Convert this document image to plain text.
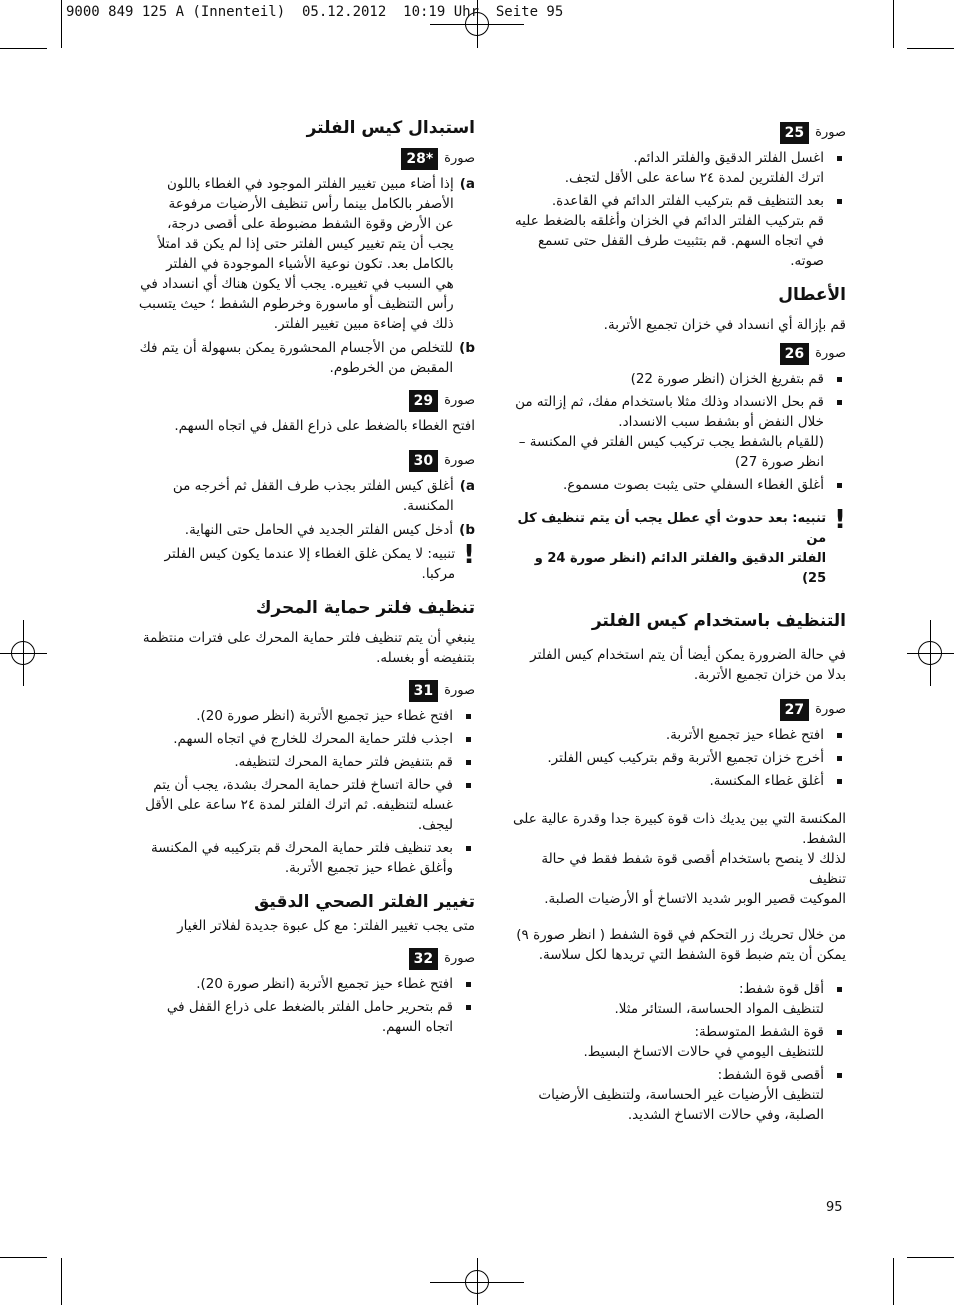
9000 849 125 A (Innenteil)  05.12.2012  10:19 Uhr  Seite 95
صورة
25
اغسل الفلتر الدقيق والفلتر الدائم.
اترك الفلترين لمدة ٢٤ ساعة على الأقل لتجف.
بعد التنظيف قم بتركيب الفلتر الدائم في القاعدة.
قم بتركيب الفلتر الدائم في الخزان وأغلقه بالضغط عليه
في اتجاه السهم. قم بتثبيت طرف القفل حتى تسمع
صوته.
الأعطال

قم بإزالة أي انسداد في خزان تجميع الأتربة.

صورة
26
قم بتفريغ الخزان (انظر صورة 22)
قم بحل الانسداد وذلك مثلا باستخدام مفك، ثم إزالته من
خلال النفض أو بشفط سبب الانسداد.
(للقيام بالشفط يجب تركيب كيس الفلتر في المكنسة –
انظر صورة 27)
أغلق الغطاء السفلي حتى يثبت بصوت مسموع.
!
تنبيه: بعد حدوث أي عطل يجب أن يتم تنظيف كل من
الفلتر الدقيق والفلتر الدائم (انظر صورة 24 و 25)
التنظيف باستخدام كيس الفلتر

في حالة الضرورة يمكن أيضا أن يتم استخدام كيس الفلتر
بدلا من خزان تجميع الأتربة.

صورة
27
افتح غطاء حيز تجميع الأتربة.
أخرج خزان تجميع الأتربة وقم بتركيب كيس الفلتر.
أغلق غطاء المكنسة.

المكنسة التي بين يديك ذات قوة كبيرة جدا وقدرة عالية على
الشفط.
لذلك لا ينصح باستخدام أقصى قوة شفط فقط في حالة تنظيف
الموكيت قصير الوبر شديد الاتساخ أو الأرضيات الصلبة.

من خلال تحريك زر التحكم في قوة الشفط ( انظر صورة ٩)
يمكن أن يتم ضبط قوة الشفط التي تريدها لكل سلاسة.

أقل قوة شفط:
لتنظيف المواد الحساسة، الستائر مثلا.
قوة الشفط المتوسطة:
للتنظيف اليومي في حالات الاتساخ البسيط.
أقصى قوة الشفط:
لتنظيف الأرضيات غير الحساسة، ولتنظيف الأرضيات
الصلبة، وفي حالات الاتساخ الشديد.
استبدال كيس الفلتر
صورة
*28
a)
إذا أضاء مبين تغيير الفلتر الموجود في الغطاء باللون
الأصفر بالكامل بينما رأس تنظيف الأرضيات مرفوعة
عن الأرض وقوة الشفط مضبوطة على أقصى درجة،
يجب أن يتم تغيير كيس الفلتر حتى إذا لم يكن قد امتلأ
بالكامل بعد. تكون نوعية الأشياء الموجودة في الفلتر
هي السبب في تغييره. يجب ألا يكون هناك أي انسداد في
رأس التنظيف أو ماسورة وخرطوم الشفط ؛ حيث يتسبب
ذلك في إضاءة مبين تغيير الفلتر.
b)
للتخلص من الأجسام المحشورة يمكن بسهولة أن يتم فك
المقبض من الخرطوم.
صورة
29

افتح الغطاء بالضغط على ذراع القفل في اتجاه السهم.

صورة
30
a)
أغلق كيس الفلتر بجذب طرف القفل ثم أخرجه من
المكنسة.
b)
أدخل كيس الفلتر الجديد في الحامل حتى النهاية.
!
تنبيه: لا يمكن غلق الغطاء إلا عندما يكون كيس الفلتر
مركبا.
تنظيف فلتر حماية المحرك

ينبغي أن يتم تنظيف فلتر حماية المحرك على فترات منتظمة
بتنفيضه أو بغسله.

صورة
31
افتح غطاء حيز تجميع الأتربة (انظر صورة 20).
اجذب فلتر حماية المحرك للخارج في اتجاه السهم.
قم بتنفيض فلتر حماية المحرك لتنظيفه.
في حالة اتساخ فلتر حماية المحرك بشدة، يجب أن يتم
غسله لتنظيفه. ثم اترك الفلتر لمدة ٢٤ ساعة على الأقل
ليجف.
بعد تنظيف فلتر حماية المحرك قم بتركيبه في المكنسة
وأغلق غطاء حيز تجميع الأتربة.
تغيير الفلتر الصحي الدقيق

متى يجب تغيير الفلتر: مع كل عبوة جديدة لفلاتر الغيار

صورة
32
افتح غطاء حيز تجميع الأتربة (انظر صورة 20).
قم بتحرير حامل الفلتر بالضغط على ذراع القفل في
اتجاه السهم.
95
